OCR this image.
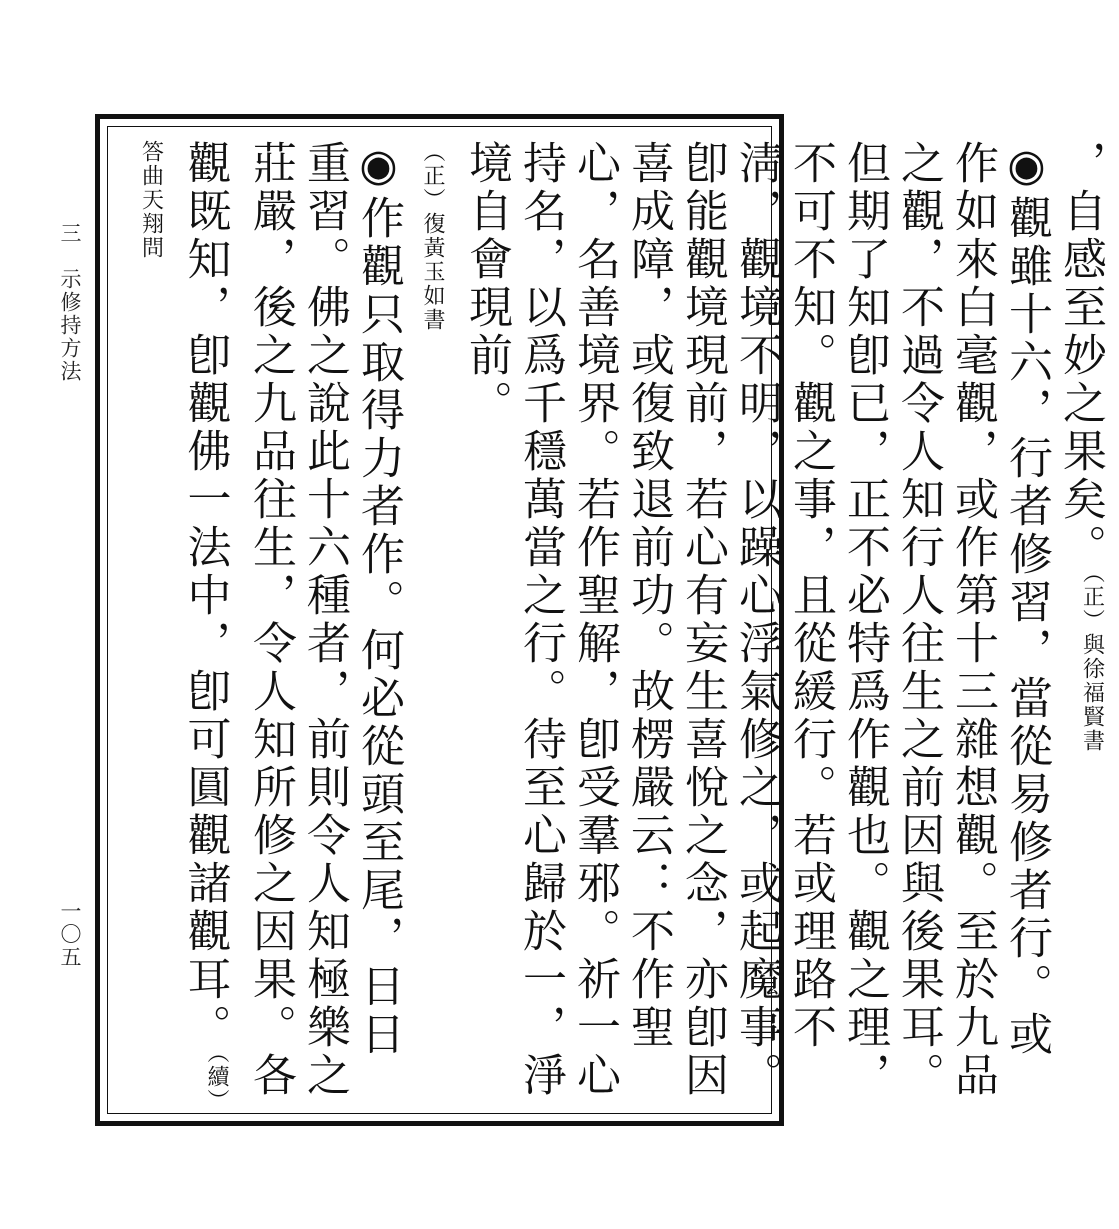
三　示修持方法
一〇五

，自感至妙之果矣。（正）與徐福賢書

◉觀雖十六，行者修習，當從易修者行。或作如來白毫觀，或作第十三雜想觀。至於九品之觀，不過令人知行人往生之前因與後果耳。但期了知卽已，正不必特爲作觀也。觀之理，不可不知。觀之事，且從緩行。若或理路不淸，觀境不明，以躁心浮氣修之，或起魔事。卽能觀境現前，若心有妄生喜悅之念，亦卽因喜成障，或復致退前功。故楞嚴云：不作聖心，名善境界。若作聖解，卽受羣邪。祈一心持名，以爲千穩萬當之行。待至心歸於一，淨境自會現前。

（正）復黃玉如書

◉作觀只取得力者作。何必從頭至尾，日日重習。佛之說此十六種者，前則令人知極樂之莊嚴，後之九品往生，令人知所修之因果。各觀既知，卽觀佛一法中，卽可圓觀諸觀耳。（續）答曲天翔問
